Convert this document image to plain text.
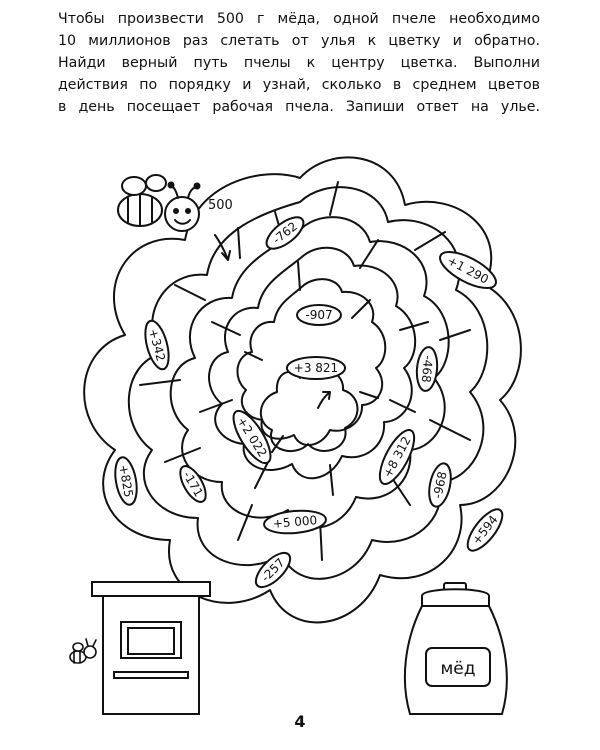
Чтобы произвести 500 г мёда, одной пчеле необходимо
10 миллионов раз слетать от улья к цветку и обратно.
Найди верный путь пчелы к центру цветка. Выполни
действия по порядку и узнай, сколько в среднем цветов
в день посещает рабочая пчела. Запиши ответ на улье.
мёд
500
-762
+1 290
-907
+342
+3 821	-468
+2 022	+8 312
-968
+825	-171
+5 000	+594
-257
4
